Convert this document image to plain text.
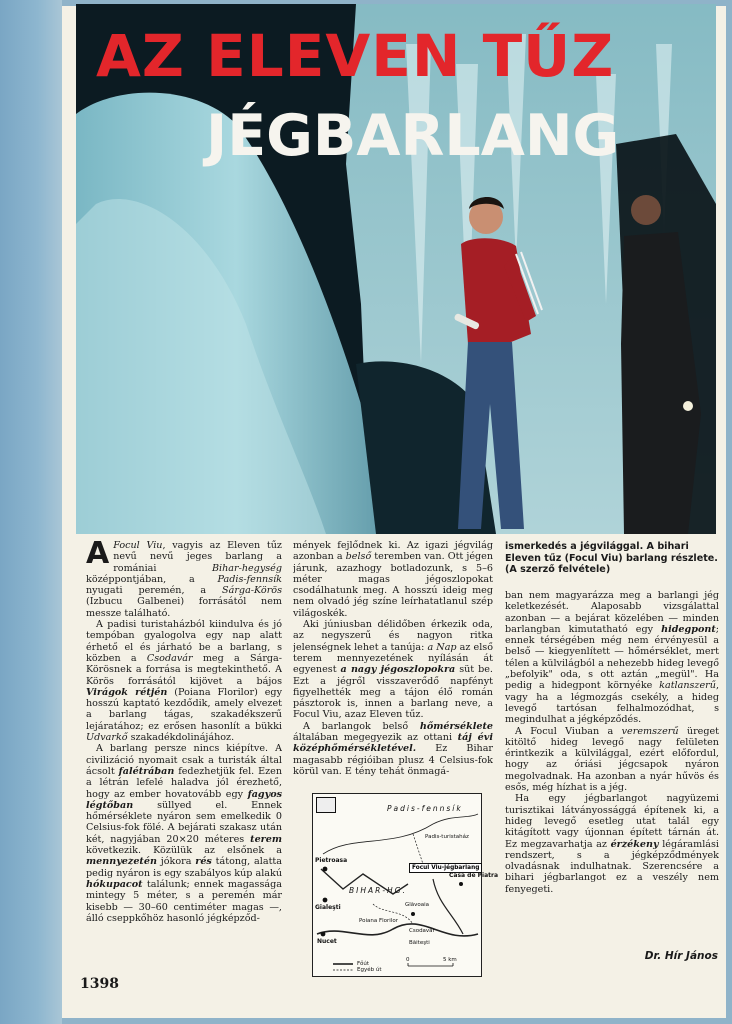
AZ ELEVEN TŰZ
JÉGBARLANG
A Focul Viu, vagyis az Eleven tűz nevű nevű jeges barlang a romániai Bihar-hegység középpontjában, a Padis-fennsík nyugati peremén, a Sárga-Körös (Izbucu Galbenei) forrásától nem messze található.

A padisi turistaházból kiindulva és jó tempóban gyalogolva egy nap alatt érhető el és járható be a barlang, s közben a Csodavár meg a Sárga-Körösnek a forrása is megtekinthető. A Körös forrásától kijövet a bájos Virágok rétjén (Poiana Florilor) egy hosszú kaptató kezdődik, amely elvezet a barlang tágas, szakadékszerű lejáratához; ez erősen hasonlít a bükki Udvarkő szakadékdolinájához.

A barlang persze nincs kiépítve. A civilizáció nyomait csak a turisták által ácsolt falétrában fedezhetjük fel. Ezen a létrán lefelé haladva jól érezhető, hogy az ember hovatovább egy fagyos légtőban süllyed el. Ennek hőmérséklete nyáron sem emelkedik 0 Celsius-fok fölé. A bejárati szakasz után két, nagyjában 20×20 méteres terem következik. Közülük az elsőnek a mennyezetén jókora rés tátong, alatta pedig nyáron is egy szabályos kúp alakú hókupacot találunk; ennek magassága mintegy 5 méter, s a peremén már kisebb — 30–60 centiméter magas —, álló cseppkőhöz hasonló jégképződ-

mények fejlődnek ki. Az igazi jégvilág azonban a belső teremben van. Ott jégen járunk, azazhogy botladozunk, s 5–6 méter magas jégoszlopokat csodálhatunk meg. A hosszú ideig meg nem olvadó jég színe leírhatatlanul szép világoskék.

Aki júniusban délidőben érkezik oda, az negyszerű és nagyon ritka jelenségnek lehet a tanúja: a Nap az első terem mennyezetének nyílásán át egyenest a nagy jégoszlopokra süt be. Ezt a jégről visszaverődő napfényt figyelhették meg a tájon élő román pásztorok is, innen a barlang neve, a Focul Viu, azaz Eleven tűz.

A barlangok belső hőmérséklete általában megegyezik az ottani táj évi középhőmérsékletével. Ez Bihar magasabb régióiban plusz 4 Celsius-fok körül van. E tény tehát önmagá-

ismerkedés a jégvilággal. A bihari Eleven tűz (Focul Viu) barlang részlete. (A szerző felvétele)

ban nem magyarázza meg a barlangi jég keletkezését. Alaposabb vizsgálattal azonban — a bejárat közelében — minden barlangban kimutatható egy hidegpont; ennek térségében még nem érvényesül a belső — kiegyenlített — hőmérséklet, mert télen a külvilágból a nehezebb hideg levegő „befolyik" oda, s ott aztán „megül". Ha pedig a hidegpont környéke katlanszerű, vagy ha a légmozgás csekély, a hideg levegő tartósan felhalmozódhat, s megindulhat a jégképződés.

A Focul Viuban a veremszerű üreget kitöltő hideg levegő nagy felületen érintkezik a külvilággal, ezért előfordul, hogy az óriási jégcsapok nyáron megolvadnak. Ha azonban a nyár hűvös és esős, még hízhat is a jég.

Ha egy jégbarlangot nagyüzemi turisztikai látványossággá építenek ki, a hideg levegő esetleg utat talál egy kitágított vagy újonnan épített tárnán át. Ez megzavarhatja az érzékeny légáramlási rendszert, s a jégképződmények olvadásnak indulhatnak. Szerencsére a bihari jégbarlangot ez a veszély nem fenyegeti.

Padis-fennsík
BIHAR-HG.
Focul Viu-jégbarlang
Padis-turistaház
Pietroasa
Gialeşti	Glăvoaia
Casa de Piatra
Csodavár
Nucet	Băiteşti
Poiana Florilor
Főút
Egyéb út
0	5 km	Dr. Hír János
1398
